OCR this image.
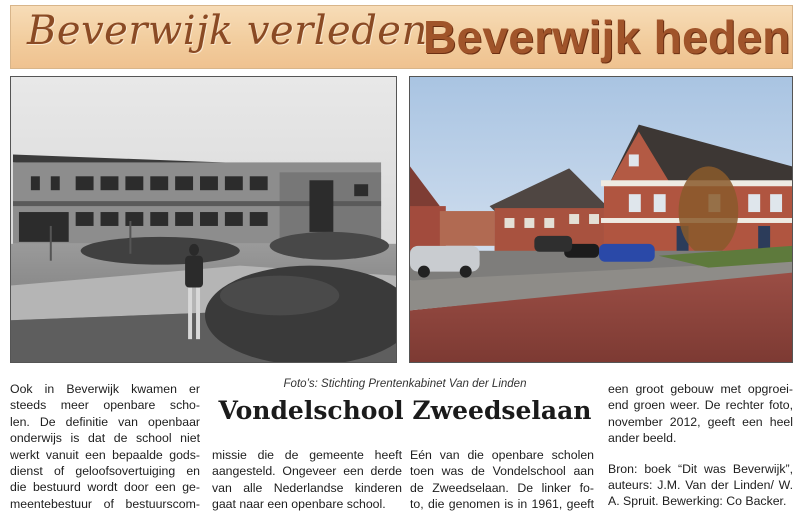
Beverwijk verleden
Beverwijk heden
Foto’s: Stichting Prentenkabinet Van der Linden
Vondelschool Zweedselaan
Ook in Beverwijk kwamen er
steeds meer openbare scho-
len. De definitie van openbaar
onderwijs is dat de school niet
werkt vanuit een bepaalde gods-
dienst of geloofsovertuiging en
die bestuurd wordt door een ge-
meentebestuur of bestuurscom-
missie die de gemeente heeft
aangesteld. Ongeveer een derde
van alle Nederlandse kinderen
gaat naar een openbare school.
Eén van die openbare scholen
toen was de Vondelschool aan
de Zweedselaan. De linker fo-
to, die genomen is in 1961, geeft
een groot gebouw met opgroei-
end groen weer. De rechter foto,
november 2012, geeft een heel
ander beeld.
Bron: boek “Dit was Beverwijk”,
auteurs: J.M. Van der Linden/ W.
A. Spruit. Bewerking: Co Backer.
